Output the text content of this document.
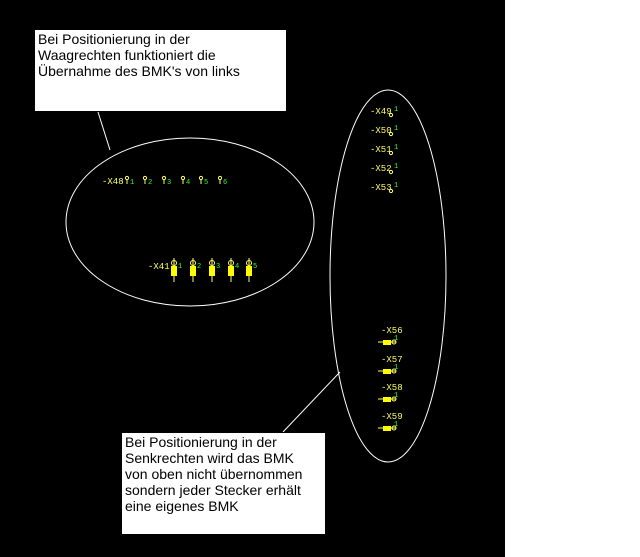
-X48 1 2 3 4 5 6
-X41 1 2 3 4 5
-X49 1
-X50 1
-X51 1
-X52 1
-X53 1
-X56
1
-X57
1
-X58
1
-X59
1
Bei Positionierung in der
Waagrechten funktioniert die
Übernahme des BMK's von links
Bei Positionierung in der
Senkrechten wird das BMK
von oben nicht übernommen
sondern jeder Stecker erhält
eine eigenes BMK
